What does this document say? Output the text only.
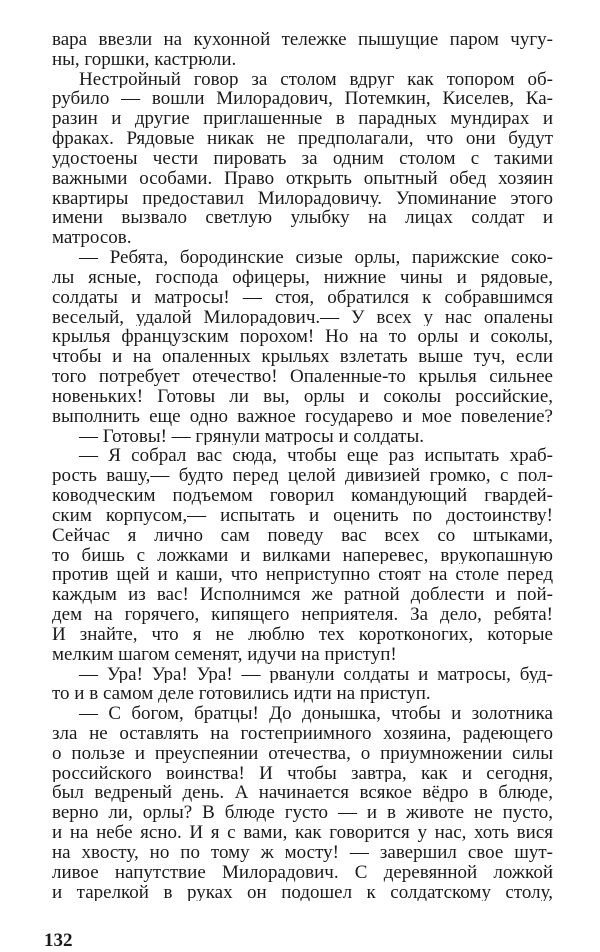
вара ввезли на кухонной тележке пышущие паром чугу-
ны, горшки, кастрюли.
Нестройный говор за столом вдруг как топором об-
рубило — вошли Милорадович, Потемкин, Киселев, Ка-
разин и другие приглашенные в парадных мундирах и
фраках. Рядовые никак не предполагали, что они будут
удостоены чести пировать за одним столом с такими
важными особами. Право открыть опытный обед хозяин
квартиры предоставил Милорадовичу. Упоминание этого
имени вызвало светлую улыбку на лицах солдат и
матросов.
— Ребята, бородинские сизые орлы, парижские соко-
лы ясные, господа офицеры, нижние чины и рядовые,
солдаты и матросы! — стоя, обратился к собравшимся
веселый, удалой Милорадович.— У всех у нас опалены
крылья французским порохом! Но на то орлы и соколы,
чтобы и на опаленных крыльях взлетать выше туч, если
того потребует отечество! Опаленные-то крылья сильнее
новеньких! Готовы ли вы, орлы и соколы российские,
выполнить еще одно важное государево и мое повеление?
— Готовы! — грянули матросы и солдаты.
— Я собрал вас сюда, чтобы еще раз испытать храб-
рость вашу,— будто перед целой дивизией громко, с пол-
ководческим подъемом говорил командующий гвардей-
ским корпусом,— испытать и оценить по достоинству!
Сейчас я лично сам поведу вас всех со штыками,
то бишь с ложками и вилками наперевес, врукопашную
против щей и каши, что неприступно стоят на столе перед
каждым из вас! Исполнимся же ратной доблести и пой-
дем на горячего, кипящего неприятеля. За дело, ребята!
И знайте, что я не люблю тех коротконогих, которые
мелким шагом семенят, идучи на приступ!
— Ура! Ура! Ура! — рванули солдаты и матросы, буд-
то и в самом деле готовились идти на приступ.
— С богом, братцы! До донышка, чтобы и золотника
зла не оставлять на гостеприимного хозяина, радеющего
о пользе и преуспеянии отечества, о приумножении силы
российского воинства! И чтобы завтра, как и сегодня,
был ведреный день. А начинается всякое вёдро в блюде,
верно ли, орлы? В блюде густо — и в животе не пусто,
и на небе ясно. И я с вами, как говорится у нас, хоть вися
на хвосту, но по тому ж мосту! — завершил свое шут-
ливое напутствие Милорадович. С деревянной ложкой
и тарелкой в руках он подошел к солдатскому столу,
132
